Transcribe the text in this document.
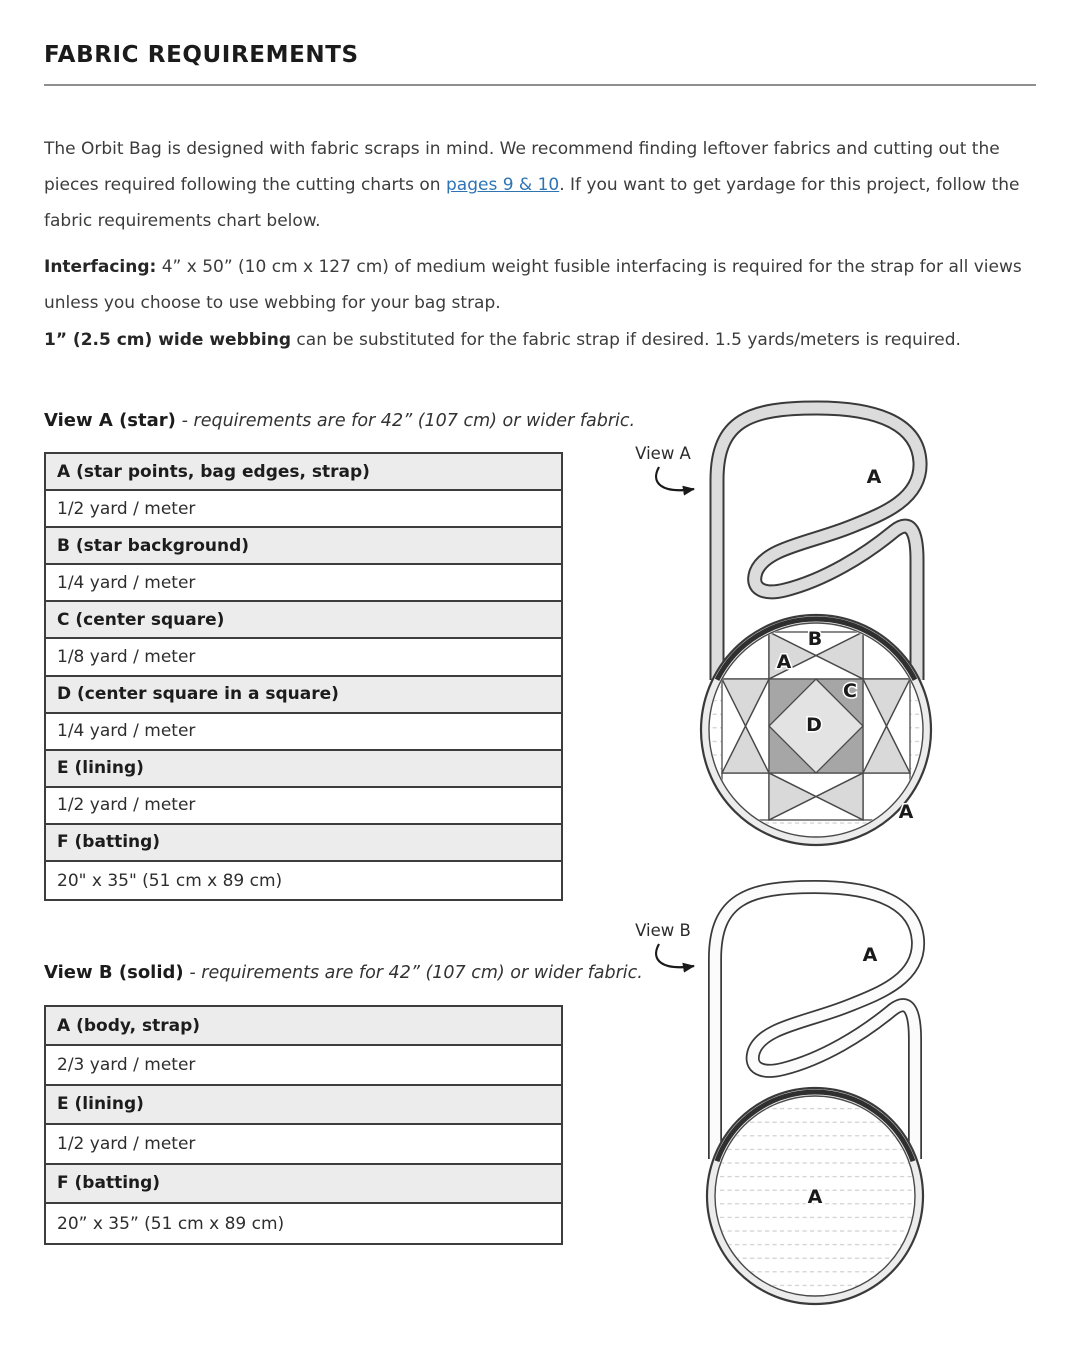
FABRIC REQUIREMENTS

The Orbit Bag is designed with fabric scraps in mind. We recommend finding leftover fabrics and cutting out the pieces required following the cutting charts on pages 9 & 10. If you want to get yardage for this project, follow the fabric requirements chart below.

Interfacing: 4” x 50” (10 cm x 127 cm) of medium weight fusible interfacing is required for the strap for all views unless you choose to use webbing for your bag strap.

1” (2.5 cm) wide webbing can be substituted for the fabric strap if desired. 1.5 yards/meters is required.

View A (star) - requirements are for 42” (107 cm) or wider fabric.
A (star points, bag edges, strap)
1/2 yard / meter
B (star background)
1/4 yard / meter
C (center square)
1/8 yard / meter
D (center square in a square)
1/4 yard / meter
E (lining)
1/2 yard / meter
F (batting)
20" x 35" (51 cm x 89 cm)
View B (solid) - requirements are for 42” (107 cm) or wider fabric.
A (body, strap)
2/3 yard / meter
E (lining)
1/2 yard / meter
F (batting)
20” x 35” (51 cm x 89 cm)
View A
A
B
A
C
D
A
View B
A
A
